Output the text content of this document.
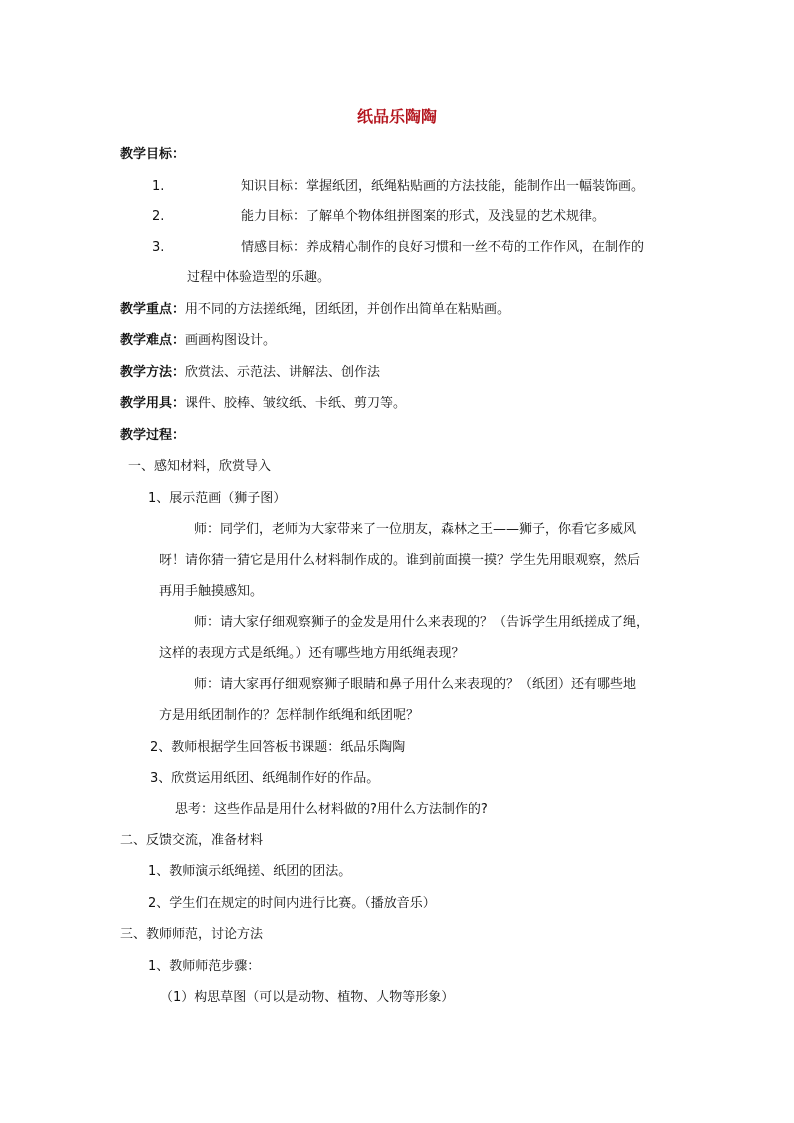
纸品乐陶陶
教学目标：
1.	知识目标：掌握纸团，纸绳粘贴画的方法技能，能制作出一幅装饰画。
2.	能力目标：了解单个物体组拼图案的形式，及浅显的艺术规律。
3.	情感目标：养成精心制作的良好习惯和一丝不苟的工作作风，在制作的
过程中体验造型的乐趣。
教学重点：用不同的方法搓纸绳，团纸团，并创作出简单在粘贴画。
教学难点：画画构图设计。
教学方法：欣赏法、示范法、讲解法、创作法
教学用具：课件、胶棒、皱纹纸、卡纸、剪刀等。
教学过程：
一、感知材料，欣赏导入
1、展示范画（狮子图）
师：同学们，老师为大家带来了一位朋友，森林之王——狮子，你看它多威风
呀！请你猜一猜它是用什么材料制作成的。谁到前面摸一摸？学生先用眼观察，然后
再用手触摸感知。
师：请大家仔细观察狮子的金发是用什么来表现的？（告诉学生用纸搓成了绳，
这样的表现方式是纸绳。）还有哪些地方用纸绳表现？
师：请大家再仔细观察狮子眼睛和鼻子用什么来表现的？（纸团）还有哪些地
方是用纸团制作的？怎样制作纸绳和纸团呢？
2、教师根据学生回答板书课题：纸品乐陶陶
3、欣赏运用纸团、纸绳制作好的作品。
思考：这些作品是用什么材料做的?用什么方法制作的?
二、反馈交流，准备材料
1、教师演示纸绳搓、纸团的团法。
2、学生们在规定的时间内进行比赛。（播放音乐）
三、教师师范，讨论方法
1、教师师范步骤：
（1）构思草图（可以是动物、植物、人物等形象）
